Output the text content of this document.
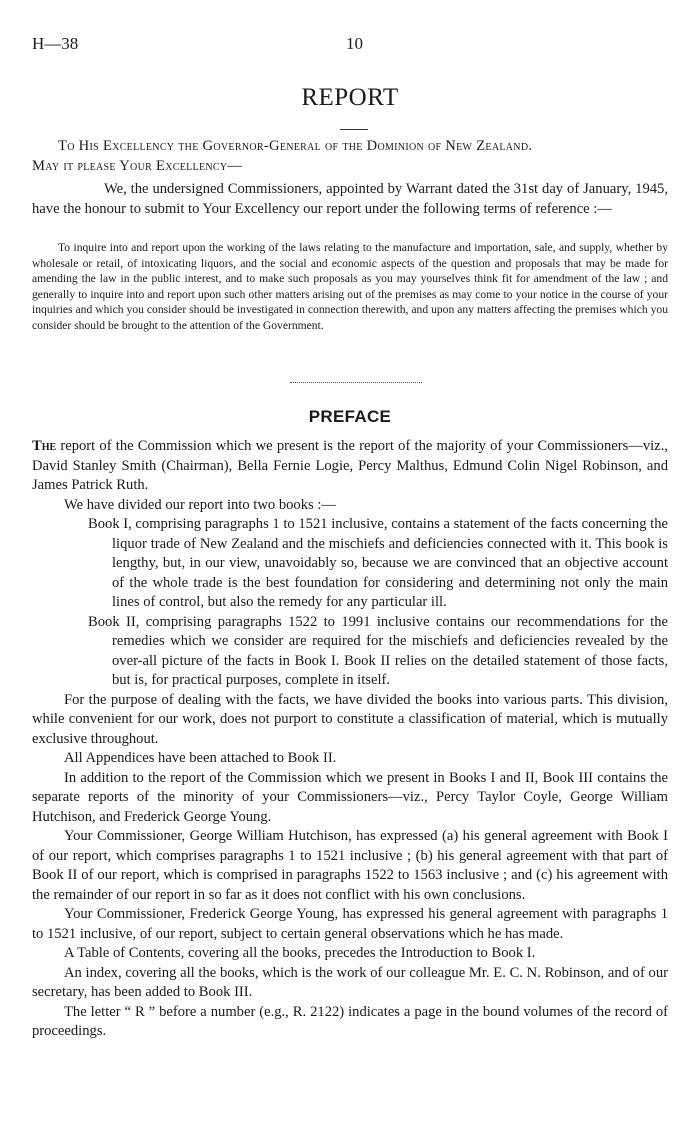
H—38	10
REPORT

To His Excellency the Governor-General of the Dominion of New Zealand.

May it please Your Excellency—

We, the undersigned Commissioners, appointed by Warrant dated the 31st day of January, 1945, have the honour to submit to Your Excellency our report under the following terms of reference :—

To inquire into and report upon the working of the laws relating to the manufacture and importation, sale, and supply, whether by wholesale or retail, of intoxicating liquors, and the social and economic aspects of the question and proposals that may be made for amending the law in the public interest, and to make such proposals as you may yourselves think fit for amendment of the law ; and generally to inquire into and report upon such other matters arising out of the premises as may come to your notice in the course of your inquiries and which you consider should be investigated in connection therewith, and upon any matters affecting the premises which you consider should be brought to the attention of the Government.

PREFACE

The report of the Commission which we present is the report of the majority of your Commissioners—viz., David Stanley Smith (Chairman), Bella Fernie Logie, Percy Malthus, Edmund Colin Nigel Robinson, and James Patrick Ruth.

We have divided our report into two books :—

Book I, comprising paragraphs 1 to 1521 inclusive, contains a statement of the facts concerning the liquor trade of New Zealand and the mischiefs and deficiencies connected with it. This book is lengthy, but, in our view, unavoidably so, because we are convinced that an objective account of the whole trade is the best foundation for considering and determining not only the main lines of control, but also the remedy for any particular ill.

Book II, comprising paragraphs 1522 to 1991 inclusive contains our recommendations for the remedies which we consider are required for the mischiefs and deficiencies revealed by the over-all picture of the facts in Book I. Book II relies on the detailed statement of those facts, but is, for practical purposes, complete in itself.

For the purpose of dealing with the facts, we have divided the books into various parts. This division, while convenient for our work, does not purport to constitute a classification of material, which is mutually exclusive throughout.

All Appendices have been attached to Book II.

In addition to the report of the Commission which we present in Books I and II, Book III contains the separate reports of the minority of your Commissioners—viz., Percy Taylor Coyle, George William Hutchison, and Frederick George Young.

Your Commissioner, George William Hutchison, has expressed (a) his general agreement with Book I of our report, which comprises paragraphs 1 to 1521 inclusive ; (b) his general agreement with that part of Book II of our report, which is comprised in paragraphs 1522 to 1563 inclusive ; and (c) his agreement with the remainder of our report in so far as it does not conflict with his own conclusions.

Your Commissioner, Frederick George Young, has expressed his general agreement with paragraphs 1 to 1521 inclusive, of our report, subject to certain general observations which he has made.

A Table of Contents, covering all the books, precedes the Introduction to Book I.

An index, covering all the books, which is the work of our colleague Mr. E. C. N. Robinson, and of our secretary, has been added to Book III.

The letter “ R ” before a number (e.g., R. 2122) indicates a page in the bound volumes of the record of proceedings.
